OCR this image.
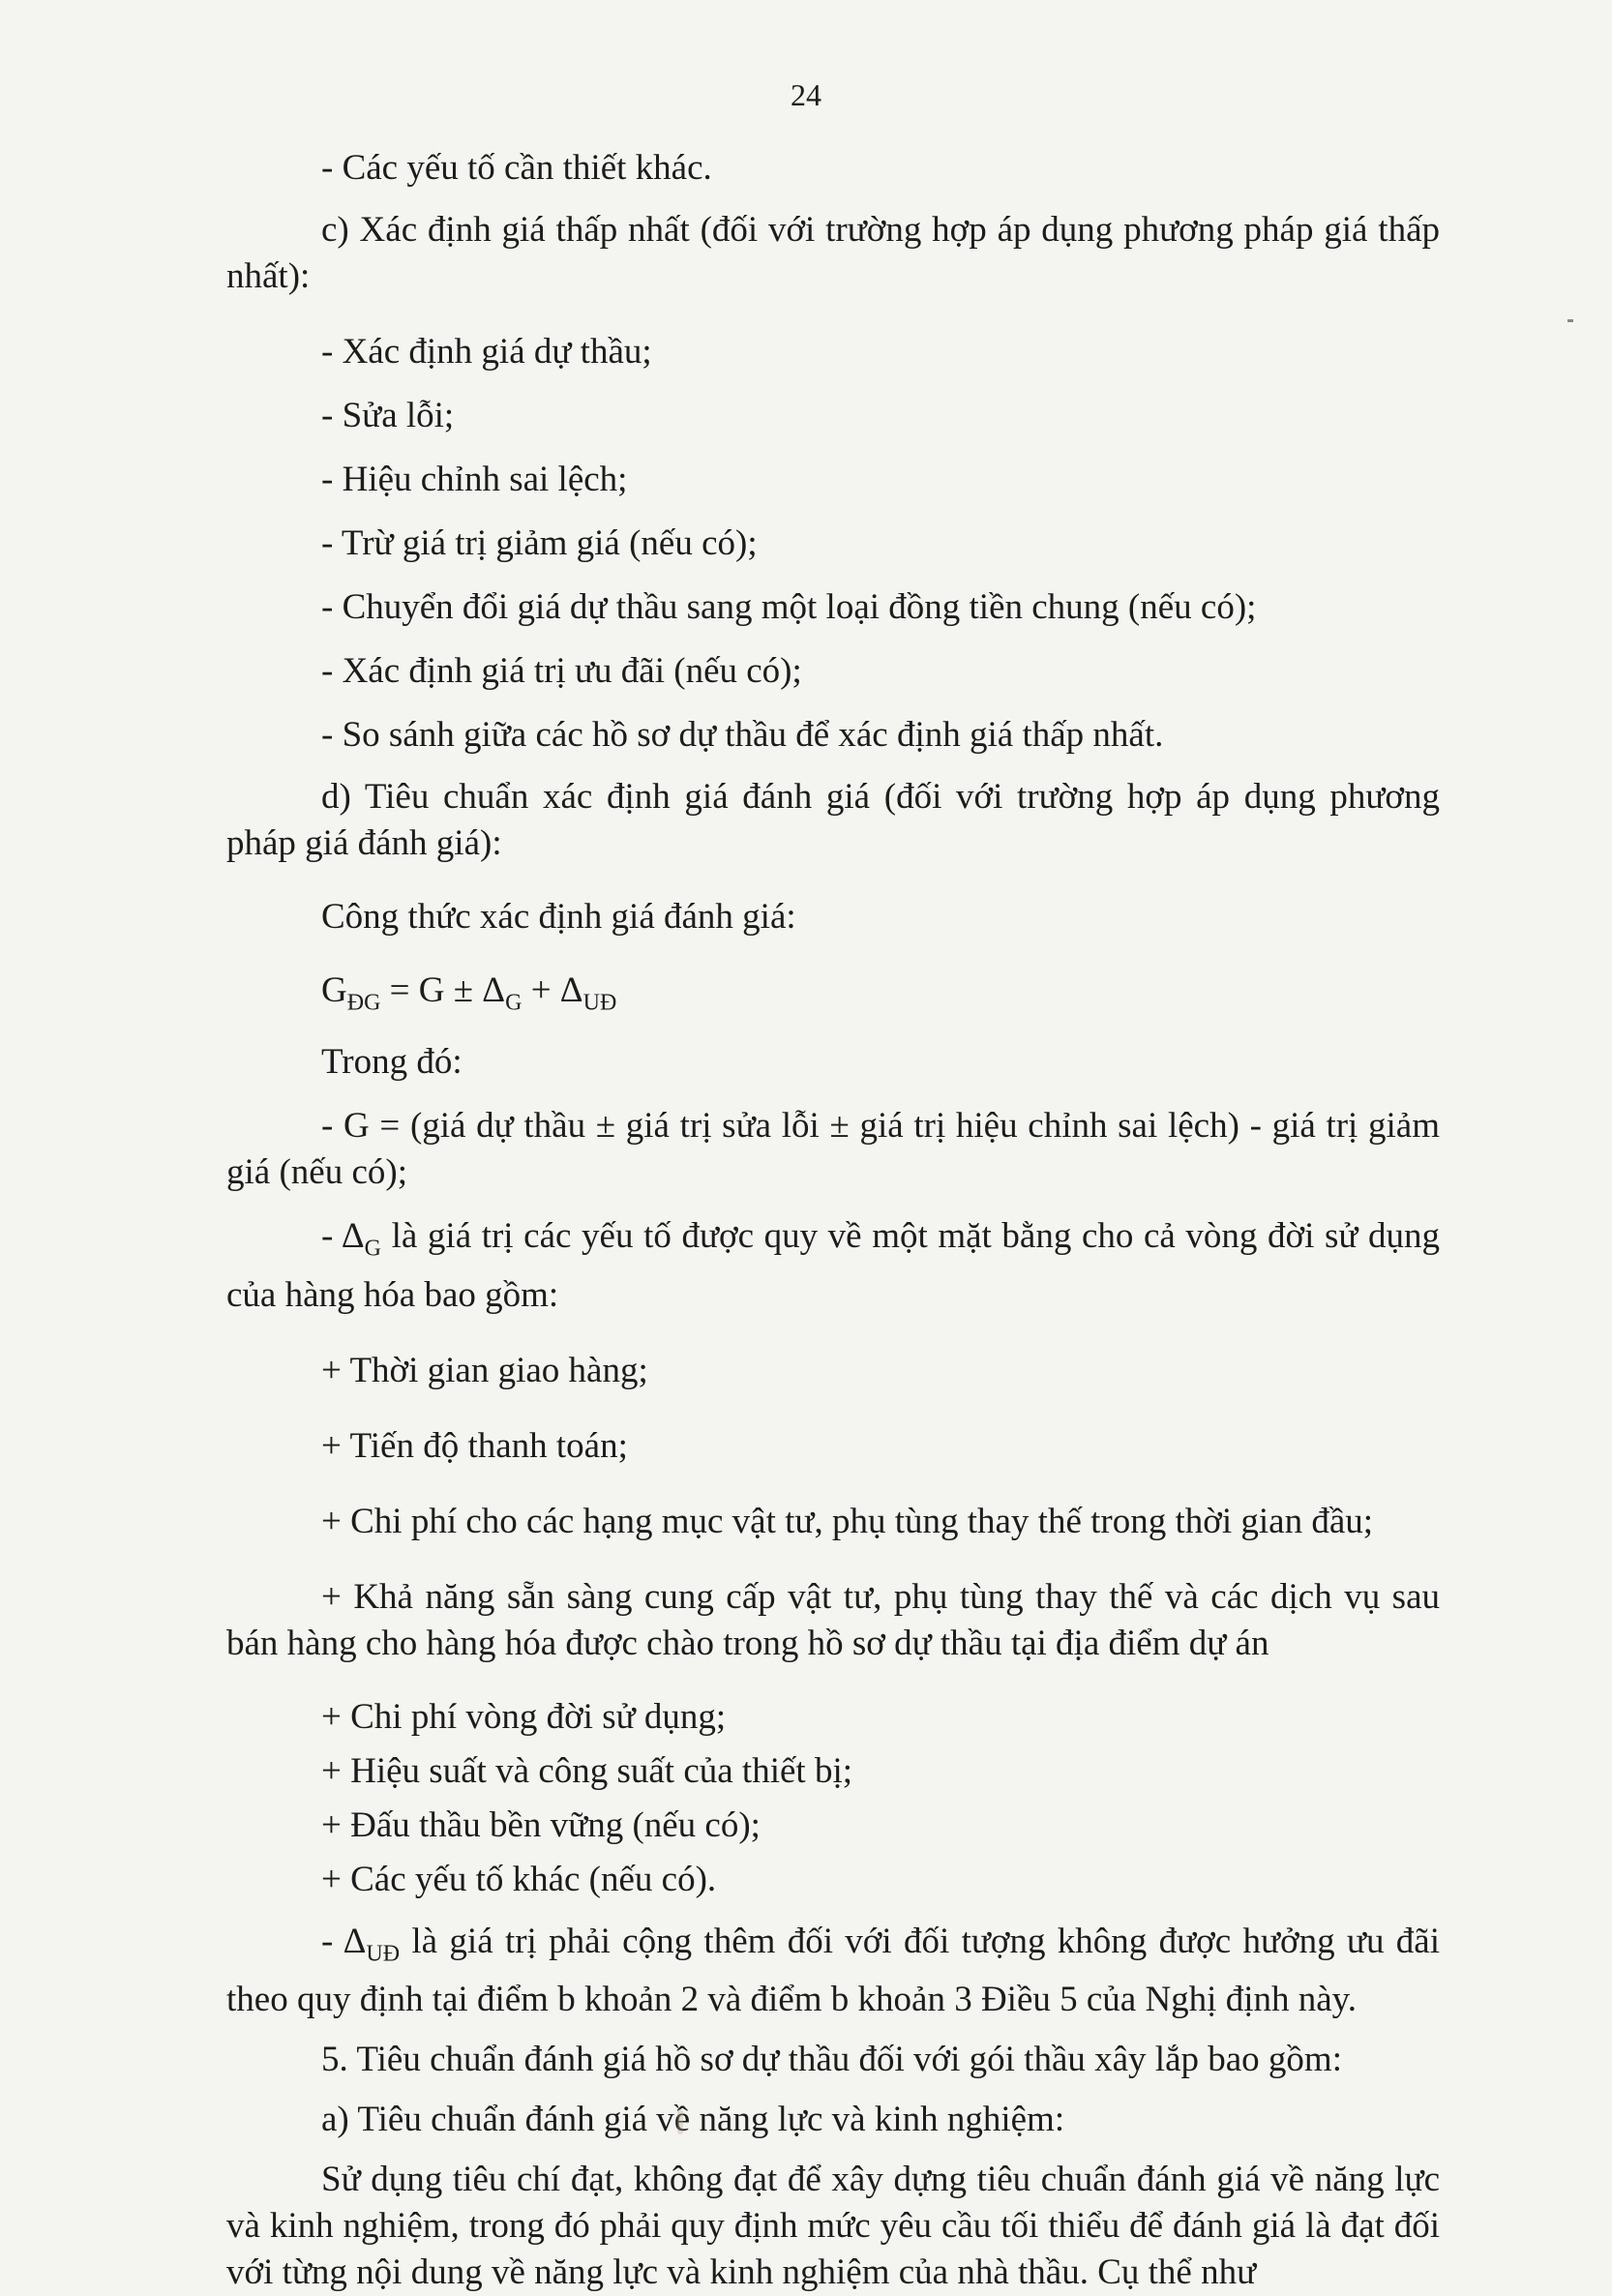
24

- Các yếu tố cần thiết khác.

c) Xác định giá thấp nhất (đối với trường hợp áp dụng phương pháp giá thấp nhất):

- Xác định giá dự thầu;

- Sửa lỗi;

- Hiệu chỉnh sai lệch;

- Trừ giá trị giảm giá (nếu có);

- Chuyển đổi giá dự thầu sang một loại đồng tiền chung (nếu có);

- Xác định giá trị ưu đãi (nếu có);

- So sánh giữa các hồ sơ dự thầu để xác định giá thấp nhất.

d) Tiêu chuẩn xác định giá đánh giá (đối với trường hợp áp dụng phương pháp giá đánh giá):

Công thức xác định giá đánh giá:

$G_{ĐG} = G \pm \Delta_G + \Delta_{UĐ}$

Trong đó:

- G = (giá dự thầu ± giá trị sửa lỗi ± giá trị hiệu chỉnh sai lệch) - giá trị giảm giá (nếu có);

- $\Delta_G$ là giá trị các yếu tố được quy về một mặt bằng cho cả vòng đời sử dụng của hàng hóa bao gồm:

+ Thời gian giao hàng;

+ Tiến độ thanh toán;

+ Chi phí cho các hạng mục vật tư, phụ tùng thay thế trong thời gian đầu;

+ Khả năng sẵn sàng cung cấp vật tư, phụ tùng thay thế và các dịch vụ sau bán hàng cho hàng hóa được chào trong hồ sơ dự thầu tại địa điểm dự án

+ Chi phí vòng đời sử dụng;

+ Hiệu suất và công suất của thiết bị;

+ Đấu thầu bền vững (nếu có);

+ Các yếu tố khác (nếu có).

- $\Delta_{UĐ}$ là giá trị phải cộng thêm đối với đối tượng không được hưởng ưu đãi theo quy định tại điểm b khoản 2 và điểm b khoản 3 Điều 5 của Nghị định này.

5. Tiêu chuẩn đánh giá hồ sơ dự thầu đối với gói thầu xây lắp bao gồm:

a) Tiêu chuẩn đánh giá về năng lực và kinh nghiệm:

Sử dụng tiêu chí đạt, không đạt để xây dựng tiêu chuẩn đánh giá về năng lực và kinh nghiệm, trong đó phải quy định mức yêu cầu tối thiểu để đánh giá là đạt đối với từng nội dung về năng lực và kinh nghiệm của nhà thầu. Cụ thể như
